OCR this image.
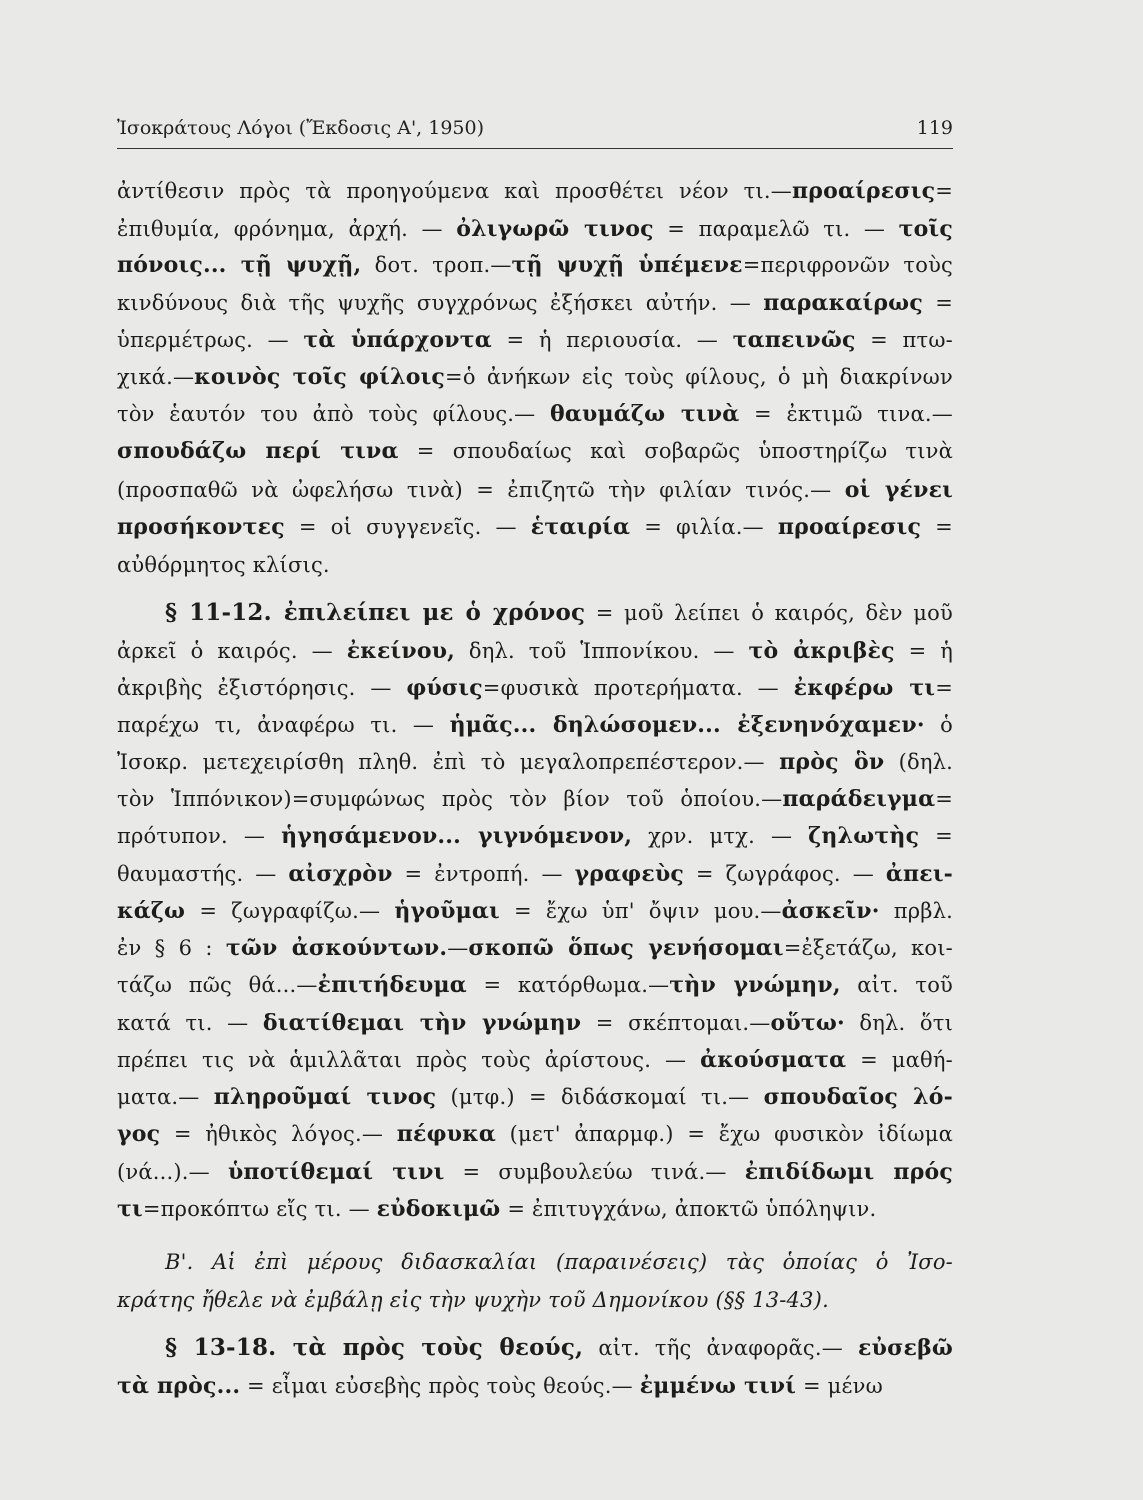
Ἰσοκράτους Λόγοι (Ἔκδοσις Α', 1950)	119
ἀντίθεσιν πρὸς τὰ προηγούμενα καὶ προσθέτει νέον τι.—προαίρεσις=
ἐπιθυμία, φρόνημα, ἀρχή. — ὀλιγωρῶ τινος = παραμελῶ τι. — τοῖς
πόνοις... τῇ ψυχῇ, δοτ. τροπ.—τῇ ψυχῇ ὑπέμενε=περιφρονῶν τοὺς
κινδύνους διὰ τῆς ψυχῆς συγχρόνως ἐξήσκει αὐτήν. — παρακαίρως =
ὑπερμέτρως. — τὰ ὑπάρχοντα = ἡ περιουσία. — ταπεινῶς = πτω-
χικά.—κοινὸς τοῖς φίλοις=ὁ ἀνήκων εἰς τοὺς φίλους, ὁ μὴ διακρίνων
τὸν ἑαυτόν του ἀπὸ τοὺς φίλους.— θαυμάζω τινὰ = ἐκτιμῶ τινα.—
σπουδάζω περί τινα = σπουδαίως καὶ σοβαρῶς ὑποστηρίζω τινὰ
(προσπαθῶ νὰ ὠφελήσω τινὰ) = ἐπιζητῶ τὴν φιλίαν τινός.— οἱ γένει
προσήκοντες = οἱ συγγενεῖς. — ἑταιρία = φιλία.— προαίρεσις =
αὐθόρμητος κλίσις.
§ 11-12. ἐπιλείπει με ὁ χρόνος = μοῦ λείπει ὁ καιρός, δὲν μοῦ
ἀρκεῖ ὁ καιρός. — ἐκείνου, δηλ. τοῦ Ἱππονίκου. — τὸ ἀκριβὲς = ἡ
ἀκριβὴς ἐξιστόρησις. — φύσις=φυσικὰ προτερήματα. — ἐκφέρω τι=
παρέχω τι, ἀναφέρω τι. — ἡμᾶς... δηλώσομεν... ἐξενηνόχαμεν· ὁ
Ἰσοκρ. μετεχειρίσθη πληθ. ἐπὶ τὸ μεγαλοπρεπέστερον.— πρὸς ὃν (δηλ.
τὸν Ἱππόνικον)=συμφώνως πρὸς τὸν βίον τοῦ ὁποίου.—παράδειγμα=
πρότυπον. — ἡγησάμενον... γιγνόμενον, χρν. μτχ. — ζηλωτὴς =
θαυμαστής. — αἰσχρὸν = ἐντροπή. — γραφεὺς = ζωγράφος. — ἀπει-
κάζω = ζωγραφίζω.— ἡγοῦμαι = ἔχω ὑπ' ὄψιν μου.—ἀσκεῖν· πρβλ.
ἐν § 6 : τῶν ἀσκούντων.—σκοπῶ ὅπως γενήσομαι=ἐξετάζω, κοι-
τάζω πῶς θά...—ἐπιτήδευμα = κατόρθωμα.—τὴν γνώμην, αἰτ. τοῦ
κατά τι. — διατίθεμαι τὴν γνώμην = σκέπτομαι.—οὕτω· δηλ. ὅτι
πρέπει τις νὰ ἁμιλλᾶται πρὸς τοὺς ἀρίστους. — ἀκούσματα = μαθή-
ματα.— πληροῦμαί τινος (μτφ.) = διδάσκομαί τι.— σπουδαῖος λό-
γος = ἠθικὸς λόγος.— πέφυκα (μετ' ἀπαρμφ.) = ἔχω φυσικὸν ἰδίωμα
(νά...).— ὑποτίθεμαί τινι = συμβουλεύω τινά.— ἐπιδίδωμι πρός
τι=προκόπτω εἴς τι. — εὐδοκιμῶ = ἐπιτυγχάνω, ἀποκτῶ ὑπόληψιν.
Β'. Αἱ ἐπὶ μέρους διδασκαλίαι (παραινέσεις) τὰς ὁποίας ὁ Ἰσο-
κράτης ἤθελε νὰ ἐμβάλῃ εἰς τὴν ψυχὴν τοῦ Δημονίκου (§§ 13-43).
§ 13-18. τὰ πρὸς τοὺς θεούς, αἰτ. τῆς ἀναφορᾶς.— εὐσεβῶ
τὰ πρὸς... = εἶμαι εὐσεβὴς πρὸς τοὺς θεούς.— ἐμμένω τινί = μένω
